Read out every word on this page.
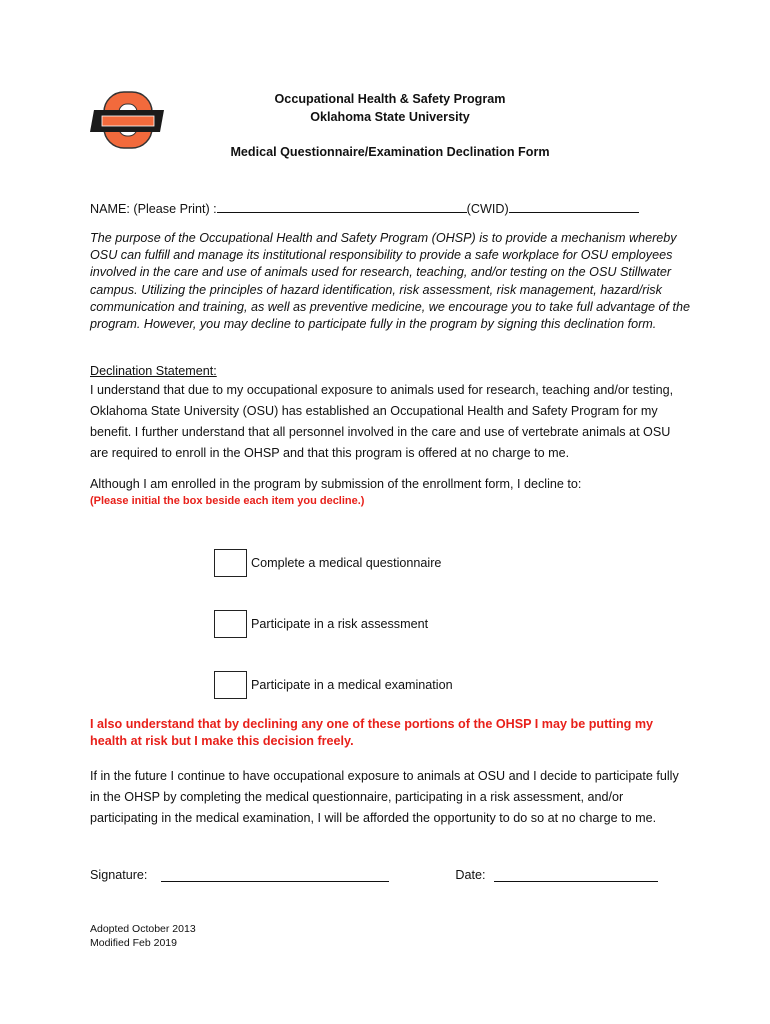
Occupational Health & Safety Program
Oklahoma State University
Medical Questionnaire/Examination Declination Form
NAME: (Please Print) :	(CWID)

The purpose of the Occupational Health and Safety Program (OHSP) is to provide a mechanism whereby OSU can fulfill and manage its institutional responsibility to provide a safe workplace for OSU employees involved in the care and use of animals used for research, teaching, and/or testing on the OSU Stillwater campus. Utilizing the principles of hazard identification, risk assessment, risk management, hazard/risk communication and training, as well as preventive medicine, we encourage you to take full advantage of the program. However, you may decline to participate fully in the program by signing this declination form.

Declination Statement:

I understand that due to my occupational exposure to animals used for research, teaching and/or testing, Oklahoma State University (OSU) has established an Occupational Health and Safety Program for my benefit. I further understand that all personnel involved in the care and use of vertebrate animals at OSU are required to enroll in the OHSP and that this program is offered at no charge to me.

Although I am enrolled in the program by submission of the enrollment form, I decline to:

(Please initial the box beside each item you decline.)

Complete a medical questionnaire
Participate in a risk assessment
Participate in a medical examination

I also understand that by declining any one of these portions of the OHSP I may be putting my health at risk but I make this decision freely.

If in the future I continue to have occupational exposure to animals at OSU and I decide to participate fully in the OHSP by completing the medical questionnaire, participating in a risk assessment, and/or participating in the medical examination, I will be afforded the opportunity to do so at no charge to me.

Signature:	Date:
Adopted October 2013
Modified Feb 2019
